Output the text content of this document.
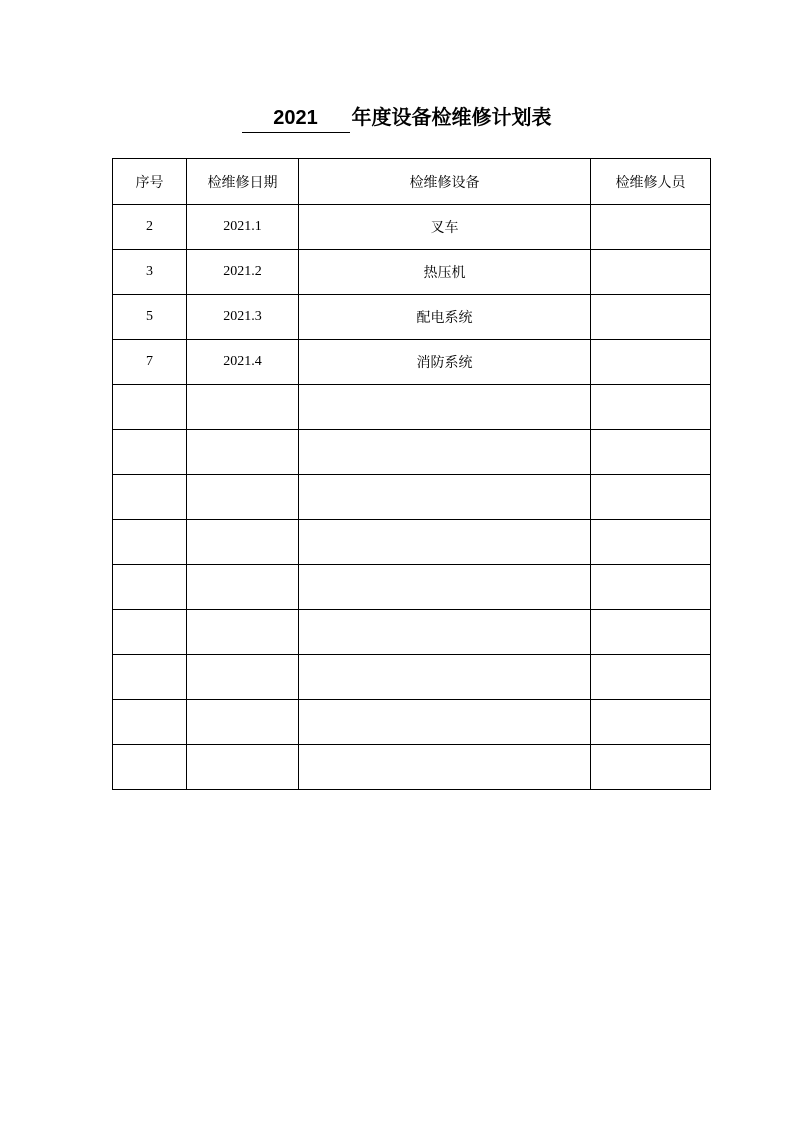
2021 年度设备检维修计划表
序号	检维修日期	检维修设备	检维修人员
2	2021.1	叉车	
3	2021.2	热压机	
5	2021.3	配电系统	
7	2021.4	消防系统	
